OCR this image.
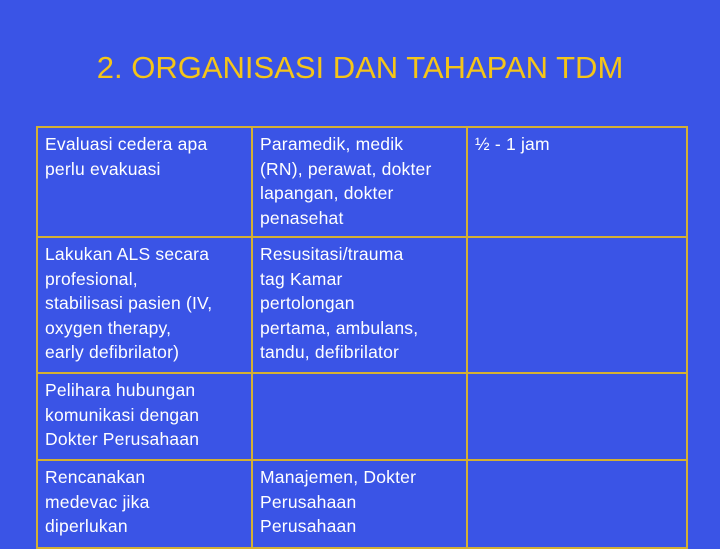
2. ORGANISASI DAN TAHAPAN TDM
Evaluasi cedera apa
perlu evakuasi	Paramedik, medik
(RN), perawat, dokter
lapangan, dokter
penasehat	½ - 1 jam

Lakukan ALS secara
profesional,
stabilisasi pasien (IV,
oxygen therapy,
early defibrilator)	Resusitasi/trauma
tag Kamar
pertolongan
pertama, ambulans,
tandu, defibrilator	

Pelihara hubungan
komunikasi dengan
Dokter Perusahaan		

Rencanakan
medevac jika
diperlukan	Manajemen, Dokter
Perusahaan
Perusahaan	
